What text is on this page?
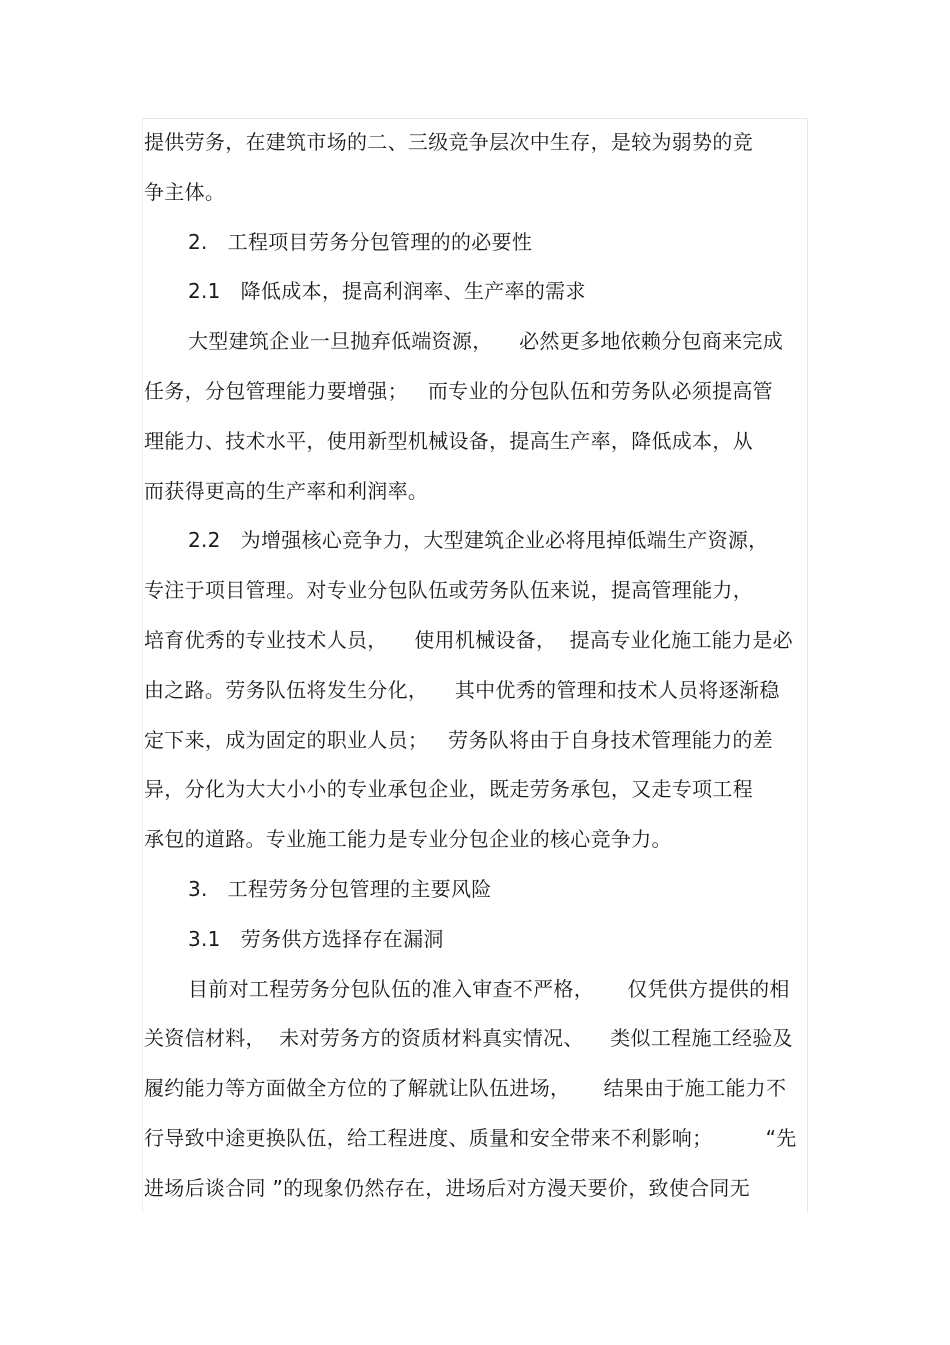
提供劳务，在建筑市场的二、三级竞争层次中生存，是较为弱势的竞
争主体。
2.   工程项目劳务分包管理的的必要性
2.1   降低成本，提高利润率、生产率的需求
大型建筑企业一旦抛弃低端资源，    必然更多地依赖分包商来完成
任务，分包管理能力要增强；   而专业的分包队伍和劳务队必须提高管
理能力、技术水平，使用新型机械设备，提高生产率，降低成本，从
而获得更高的生产率和利润率。
2.2   为增强核心竞争力，大型建筑企业必将甩掉低端生产资源，
专注于项目管理。对专业分包队伍或劳务队伍来说，提高管理能力，
培育优秀的专业技术人员，    使用机械设备，  提高专业化施工能力是必
由之路。劳务队伍将发生分化，    其中优秀的管理和技术人员将逐渐稳
定下来，成为固定的职业人员；   劳务队将由于自身技术管理能力的差
异，分化为大大小小的专业承包企业，既走劳务承包，又走专项工程
承包的道路。专业施工能力是专业分包企业的核心竞争力。
3.   工程劳务分包管理的主要风险
3.1   劳务供方选择存在漏洞
目前对工程劳务分包队伍的准入审查不严格，     仅凭供方提供的相
关资信材料，  未对劳务方的资质材料真实情况、    类似工程施工经验及
履约能力等方面做全方位的了解就让队伍进场，     结果由于施工能力不
行导致中途更换队伍，给工程进度、质量和安全带来不利影响；        “先
进场后谈合同 ”的现象仍然存在，进场后对方漫天要价，致使合同无
